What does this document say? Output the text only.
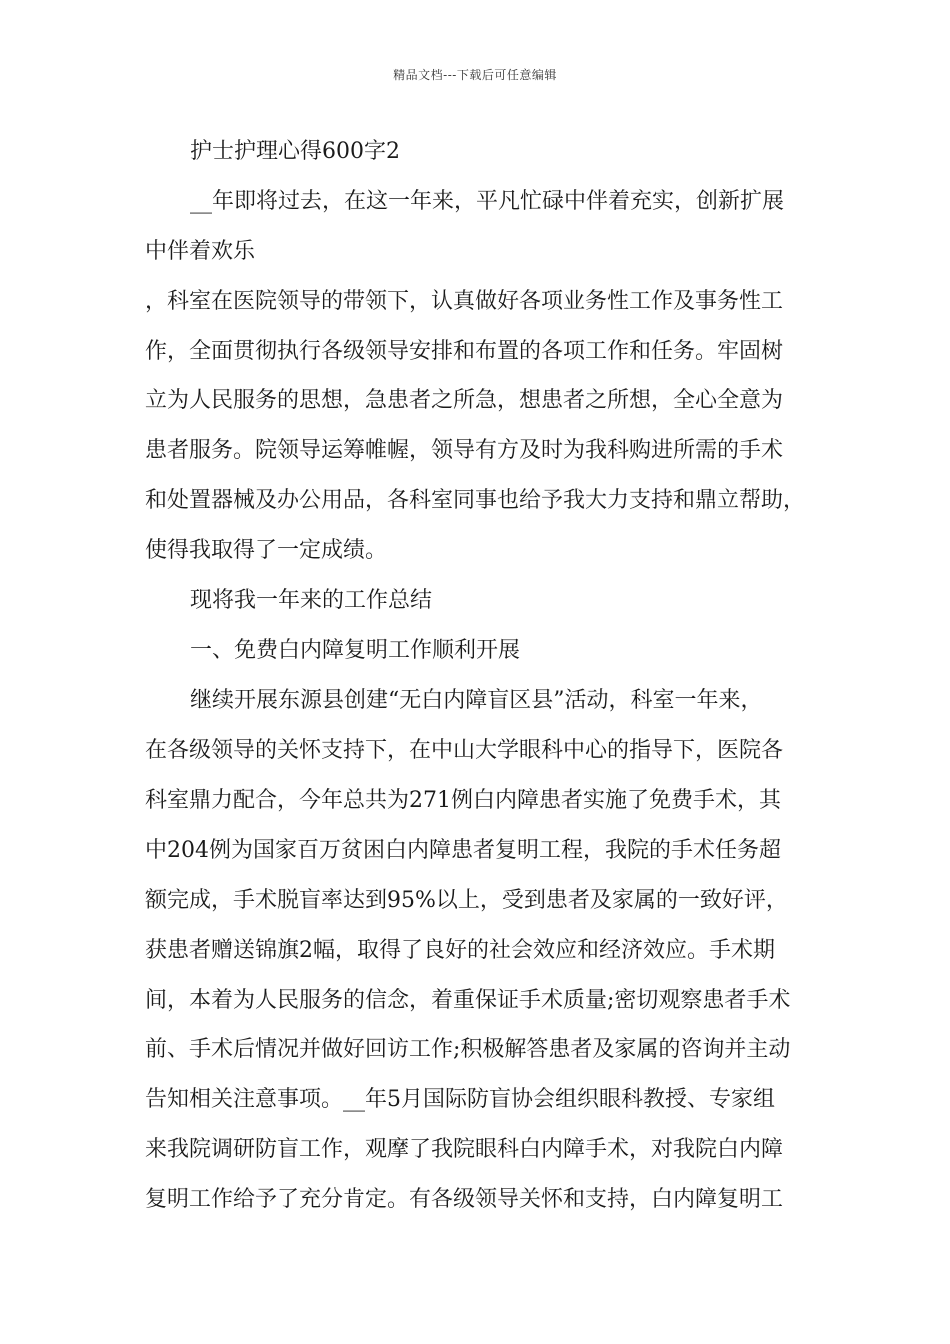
精品文档---下载后可任意编辑
护士护理心得600字2
__年即将过去，在这一年来，平凡忙碌中伴着充实，创新扩展
中伴着欢乐
，科室在医院领导的带领下，认真做好各项业务性工作及事务性工
作，全面贯彻执行各级领导安排和布置的各项工作和任务。牢固树
立为人民服务的思想，急患者之所急，想患者之所想，全心全意为
患者服务。院领导运筹帷幄，领导有方及时为我科购进所需的手术
和处置器械及办公用品，各科室同事也给予我大力支持和鼎立帮助，
使得我取得了一定成绩。
现将我一年来的工作总结
一、免费白内障复明工作顺利开展
继续开展东源县创建“无白内障盲区县”活动，科室一年来，
在各级领导的关怀支持下，在中山大学眼科中心的指导下，医院各
科室鼎力配合，今年总共为271例白内障患者实施了免费手术，其
中204例为国家百万贫困白内障患者复明工程，我院的手术任务超
额完成，手术脱盲率达到95%以上，受到患者及家属的一致好评，
获患者赠送锦旗2幅，取得了良好的社会效应和经济效应。手术期
间，本着为人民服务的信念，着重保证手术质量;密切观察患者手术
前、手术后情况并做好回访工作;积极解答患者及家属的咨询并主动
告知相关注意事项。__年5月国际防盲协会组织眼科教授、专家组
来我院调研防盲工作，观摩了我院眼科白内障手术，对我院白内障
复明工作给予了充分肯定。有各级领导关怀和支持，白内障复明工
